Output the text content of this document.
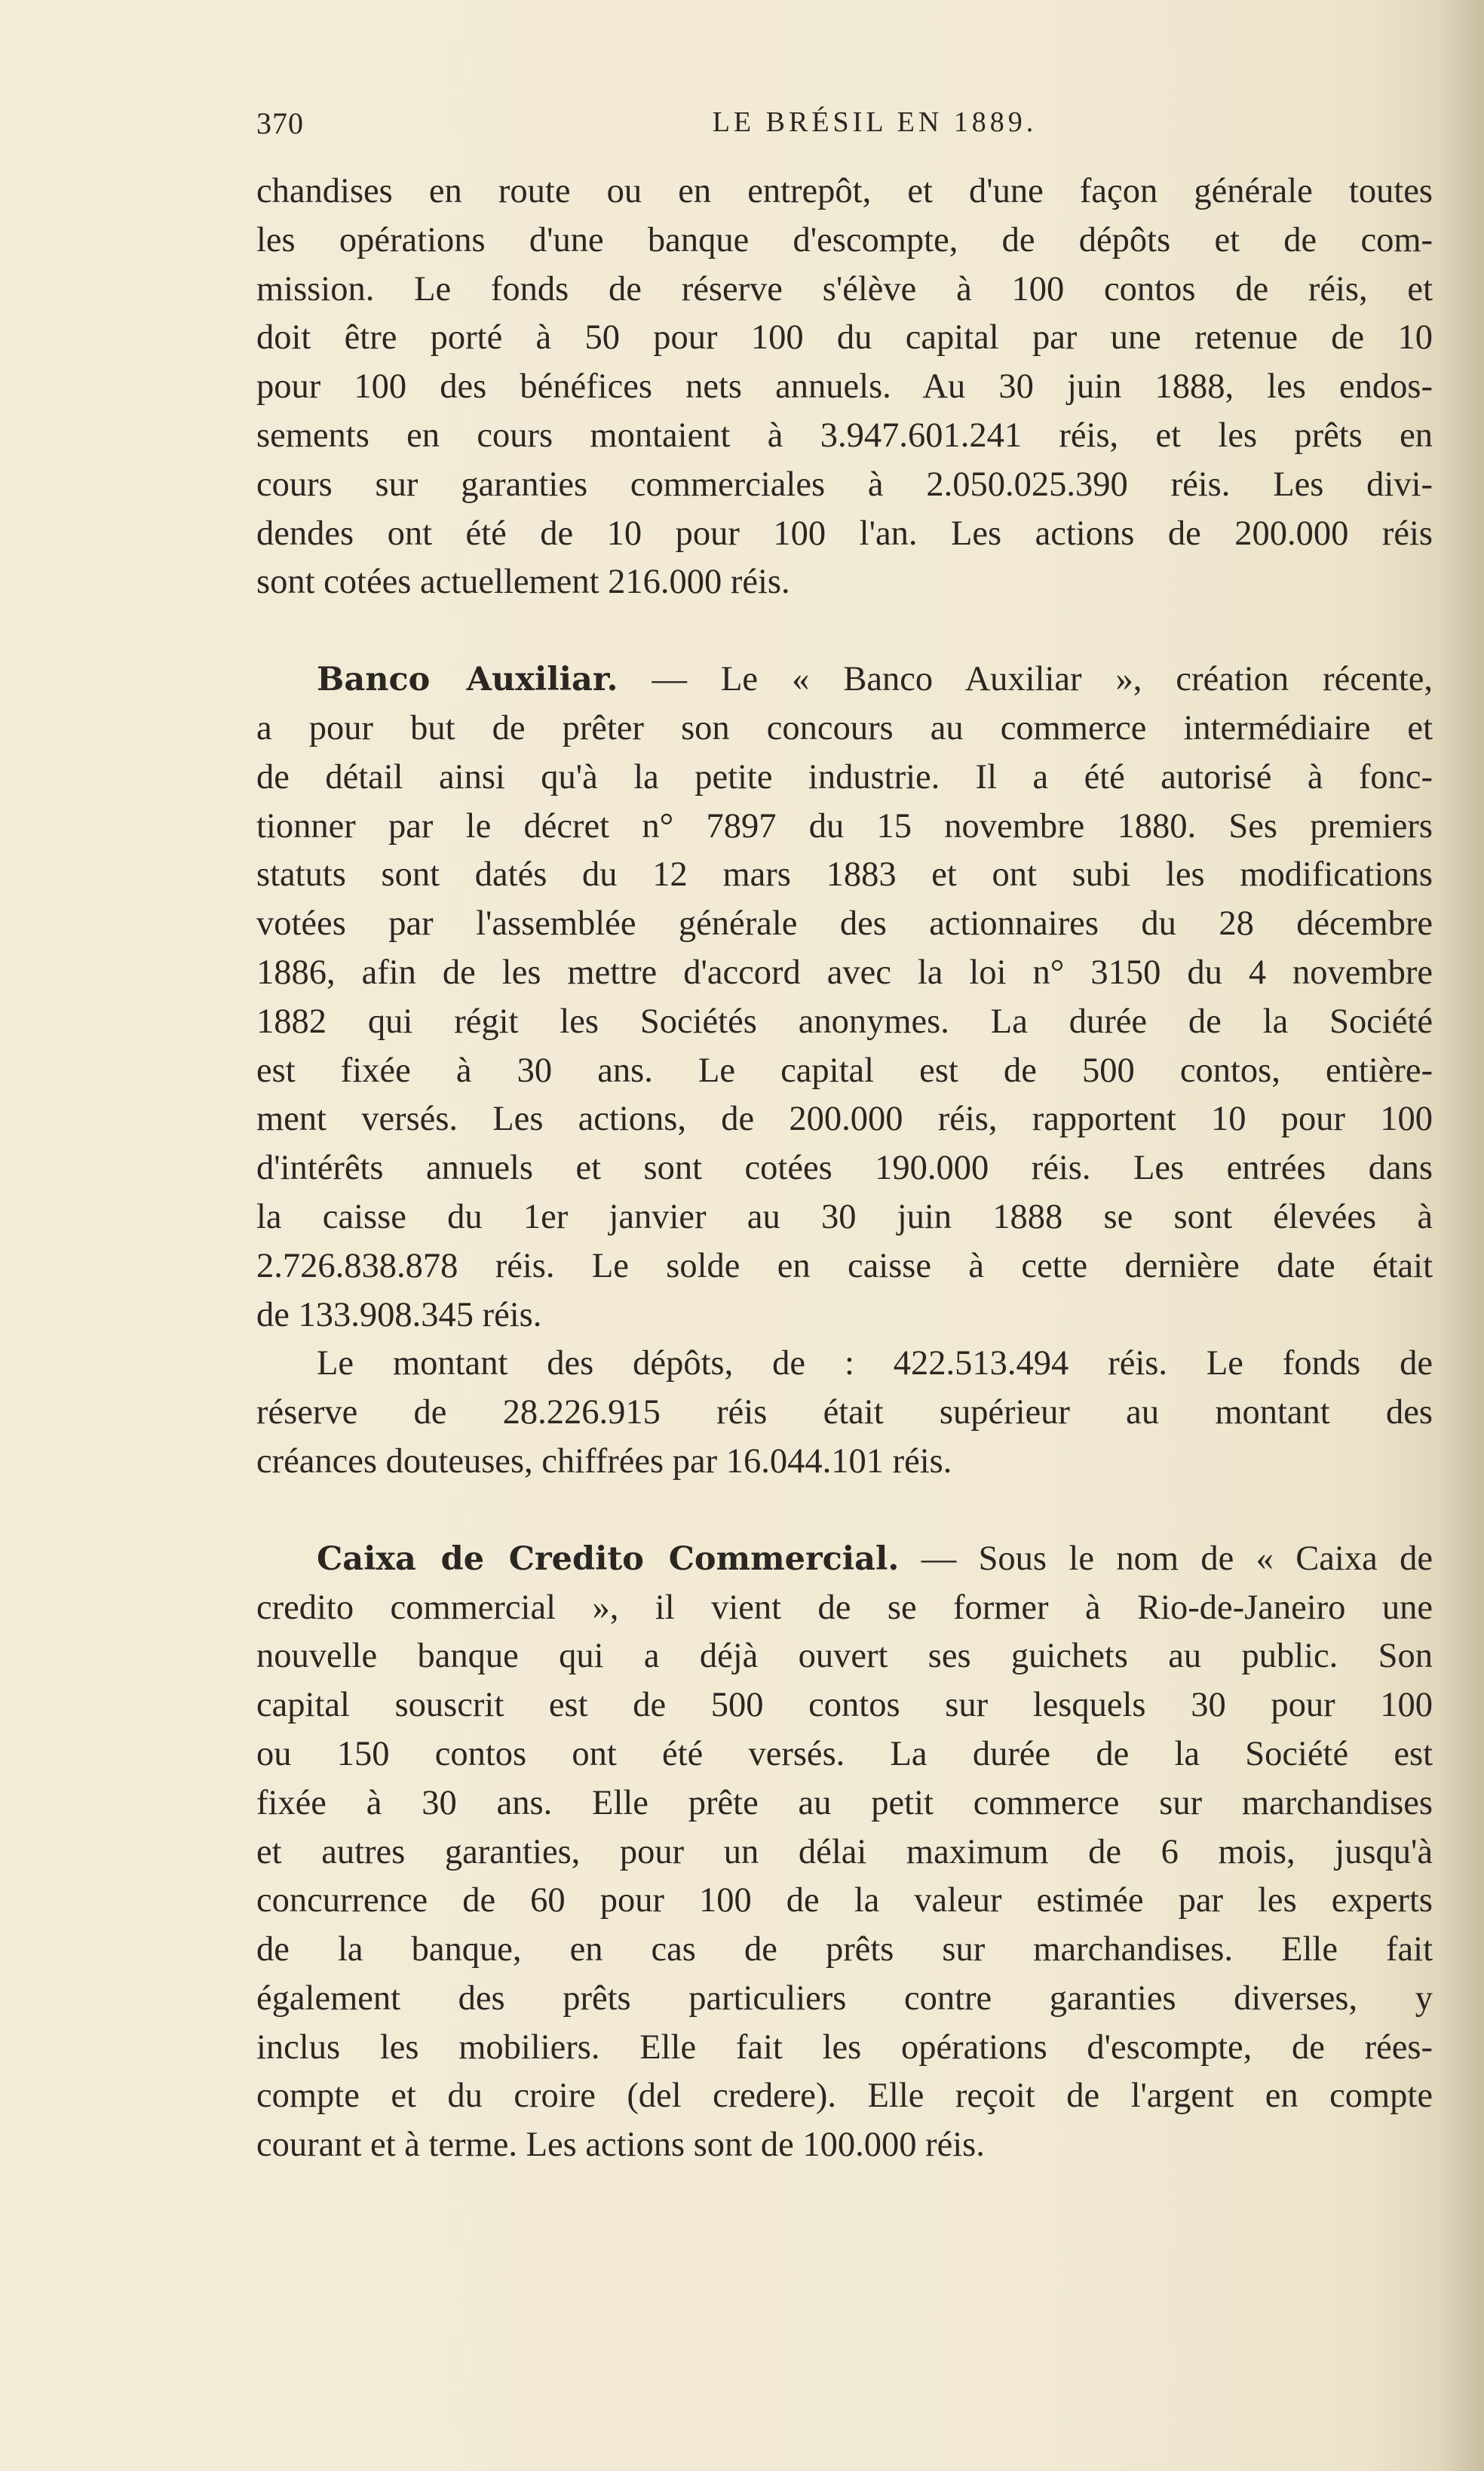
370	LE BRÉSIL EN 1889.
chandises en route ou en entrepôt, et d'une façon générale toutes
les opérations d'une banque d'escompte, de dépôts et de com-
mission. Le fonds de réserve s'élève à 100 contos de réis, et
doit être porté à 50 pour 100 du capital par une retenue de 10
pour 100 des bénéfices nets annuels. Au 30 juin 1888, les endos-
sements en cours montaient à 3.947.601.241 réis, et les prêts en
cours sur garanties commerciales à 2.050.025.390 réis. Les divi-
dendes ont été de 10 pour 100 l'an. Les actions de 200.000 réis
sont cotées actuellement 216.000 réis.
Banco Auxiliar. — Le « Banco Auxiliar », création récente,
a pour but de prêter son concours au commerce intermédiaire et
de détail ainsi qu'à la petite industrie. Il a été autorisé à fonc-
tionner par le décret n° 7897 du 15 novembre 1880. Ses premiers
statuts sont datés du 12 mars 1883 et ont subi les modifications
votées par l'assemblée générale des actionnaires du 28 décembre
1886, afin de les mettre d'accord avec la loi n° 3150 du 4 novembre
1882 qui régit les Sociétés anonymes. La durée de la Société
est fixée à 30 ans. Le capital est de 500 contos, entière-
ment versés. Les actions, de 200.000 réis, rapportent 10 pour 100
d'intérêts annuels et sont cotées 190.000 réis. Les entrées dans
la caisse du 1er janvier au 30 juin 1888 se sont élevées à
2.726.838.878 réis. Le solde en caisse à cette dernière date était
de 133.908.345 réis.
Le montant des dépôts, de : 422.513.494 réis. Le fonds de
réserve de 28.226.915 réis était supérieur au montant des
créances douteuses, chiffrées par 16.044.101 réis.
Caixa de Credito Commercial. — Sous le nom de « Caixa de
credito commercial », il vient de se former à Rio-de-Janeiro une
nouvelle banque qui a déjà ouvert ses guichets au public. Son
capital souscrit est de 500 contos sur lesquels 30 pour 100
ou 150 contos ont été versés. La durée de la Société est
fixée à 30 ans. Elle prête au petit commerce sur marchandises
et autres garanties, pour un délai maximum de 6 mois, jusqu'à
concurrence de 60 pour 100 de la valeur estimée par les experts
de la banque, en cas de prêts sur marchandises. Elle fait
également des prêts particuliers contre garanties diverses, y
inclus les mobiliers. Elle fait les opérations d'escompte, de rées-
compte et du croire (del credere). Elle reçoit de l'argent en compte
courant et à terme. Les actions sont de 100.000 réis.
